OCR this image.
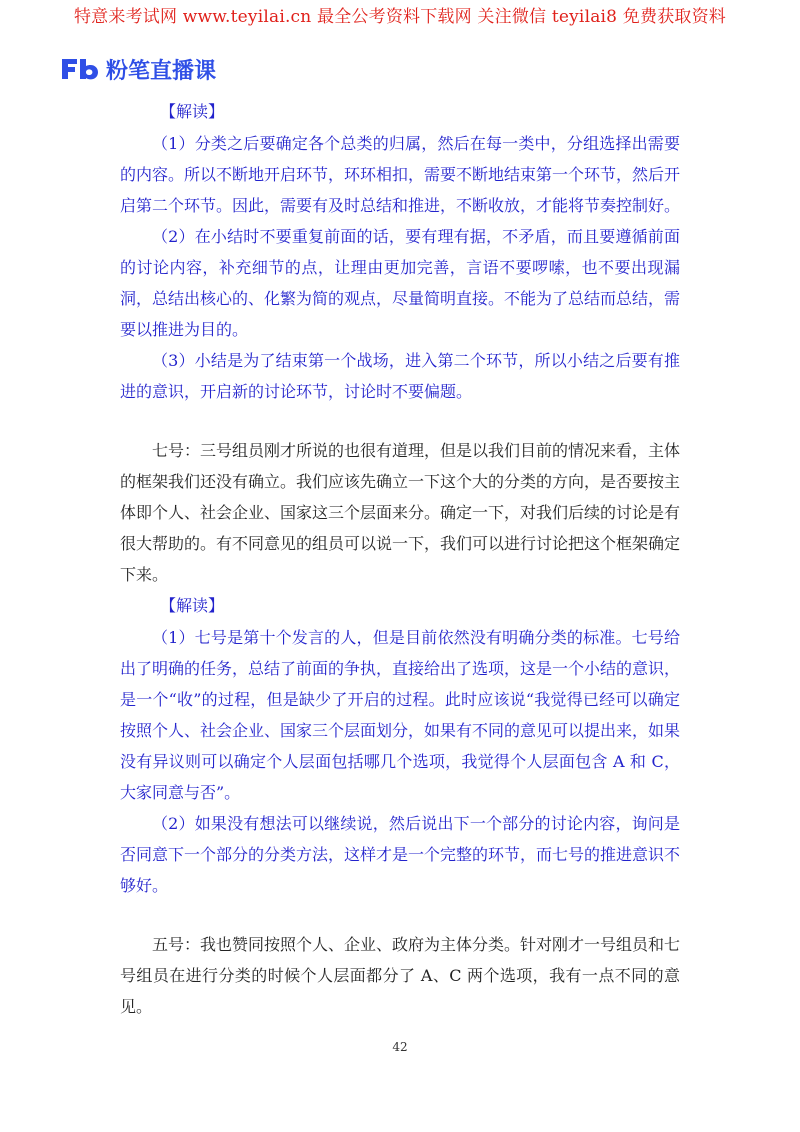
特意来考试网 www.teyilai.cn 最全公考资料下载网 关注微信 teyilai8 免费获取资料
粉笔直播课
【解读】

（1）分类之后要确定各个总类的归属，然后在每一类中，分组选择出需要的内容。所以不断地开启环节，环环相扣，需要不断地结束第一个环节，然后开启第二个环节。因此，需要有及时总结和推进，不断收放，才能将节奏控制好。

（2）在小结时不要重复前面的话，要有理有据，不矛盾，而且要遵循前面的讨论内容，补充细节的点，让理由更加完善，言语不要啰嗦，也不要出现漏洞，总结出核心的、化繁为简的观点，尽量简明直接。不能为了总结而总结，需要以推进为目的。

（3）小结是为了结束第一个战场，进入第二个环节，所以小结之后要有推进的意识，开启新的讨论环节，讨论时不要偏题。

七号：三号组员刚才所说的也很有道理，但是以我们目前的情况来看，主体的框架我们还没有确立。我们应该先确立一下这个大的分类的方向，是否要按主体即个人、社会企业、国家这三个层面来分。确定一下，对我们后续的讨论是有很大帮助的。有不同意见的组员可以说一下，我们可以进行讨论把这个框架确定下来。

【解读】

（1）七号是第十个发言的人，但是目前依然没有明确分类的标准。七号给出了明确的任务，总结了前面的争执，直接给出了选项，这是一个小结的意识，是一个“收”的过程，但是缺少了开启的过程。此时应该说“我觉得已经可以确定按照个人、社会企业、国家三个层面划分，如果有不同的意见可以提出来，如果没有异议则可以确定个人层面包括哪几个选项，我觉得个人层面包含 A 和 C，大家同意与否”。

（2）如果没有想法可以继续说，然后说出下一个部分的讨论内容，询问是否同意下一个部分的分类方法，这样才是一个完整的环节，而七号的推进意识不够好。

五号：我也赞同按照个人、企业、政府为主体分类。针对刚才一号组员和七号组员在进行分类的时候个人层面都分了 A、C 两个选项，我有一点不同的意见。

42
